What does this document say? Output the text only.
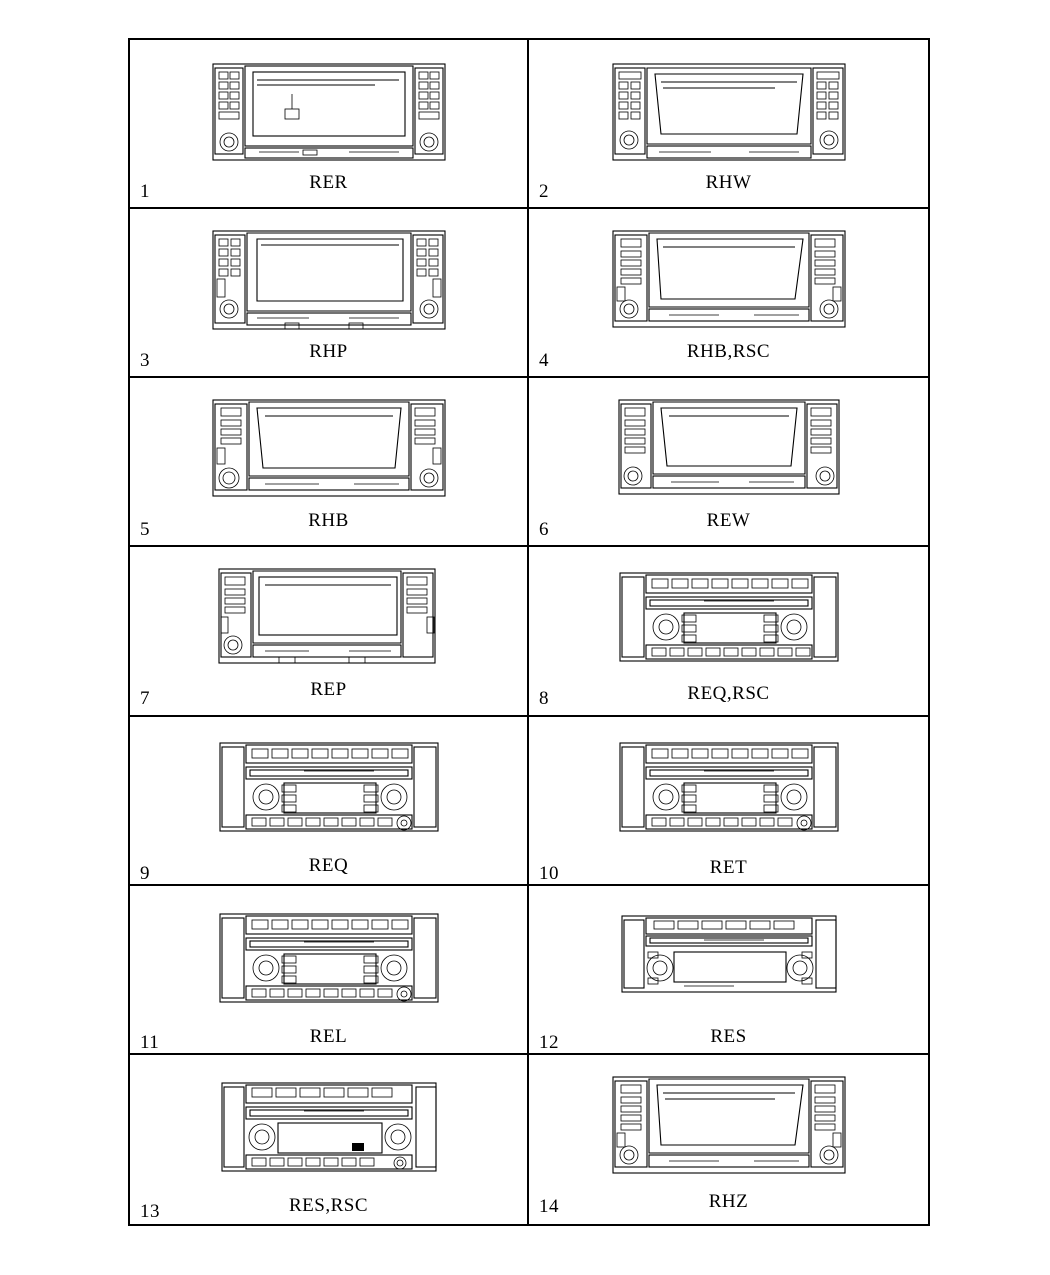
1	RER	2	RHW
3	RHP	4	RHB,RSC
5	RHB	6	REW
7	REP	8	REQ,RSC
9	REQ	10	RET
11	REL	12	RES
13	RES,RSC	14	RHZ
